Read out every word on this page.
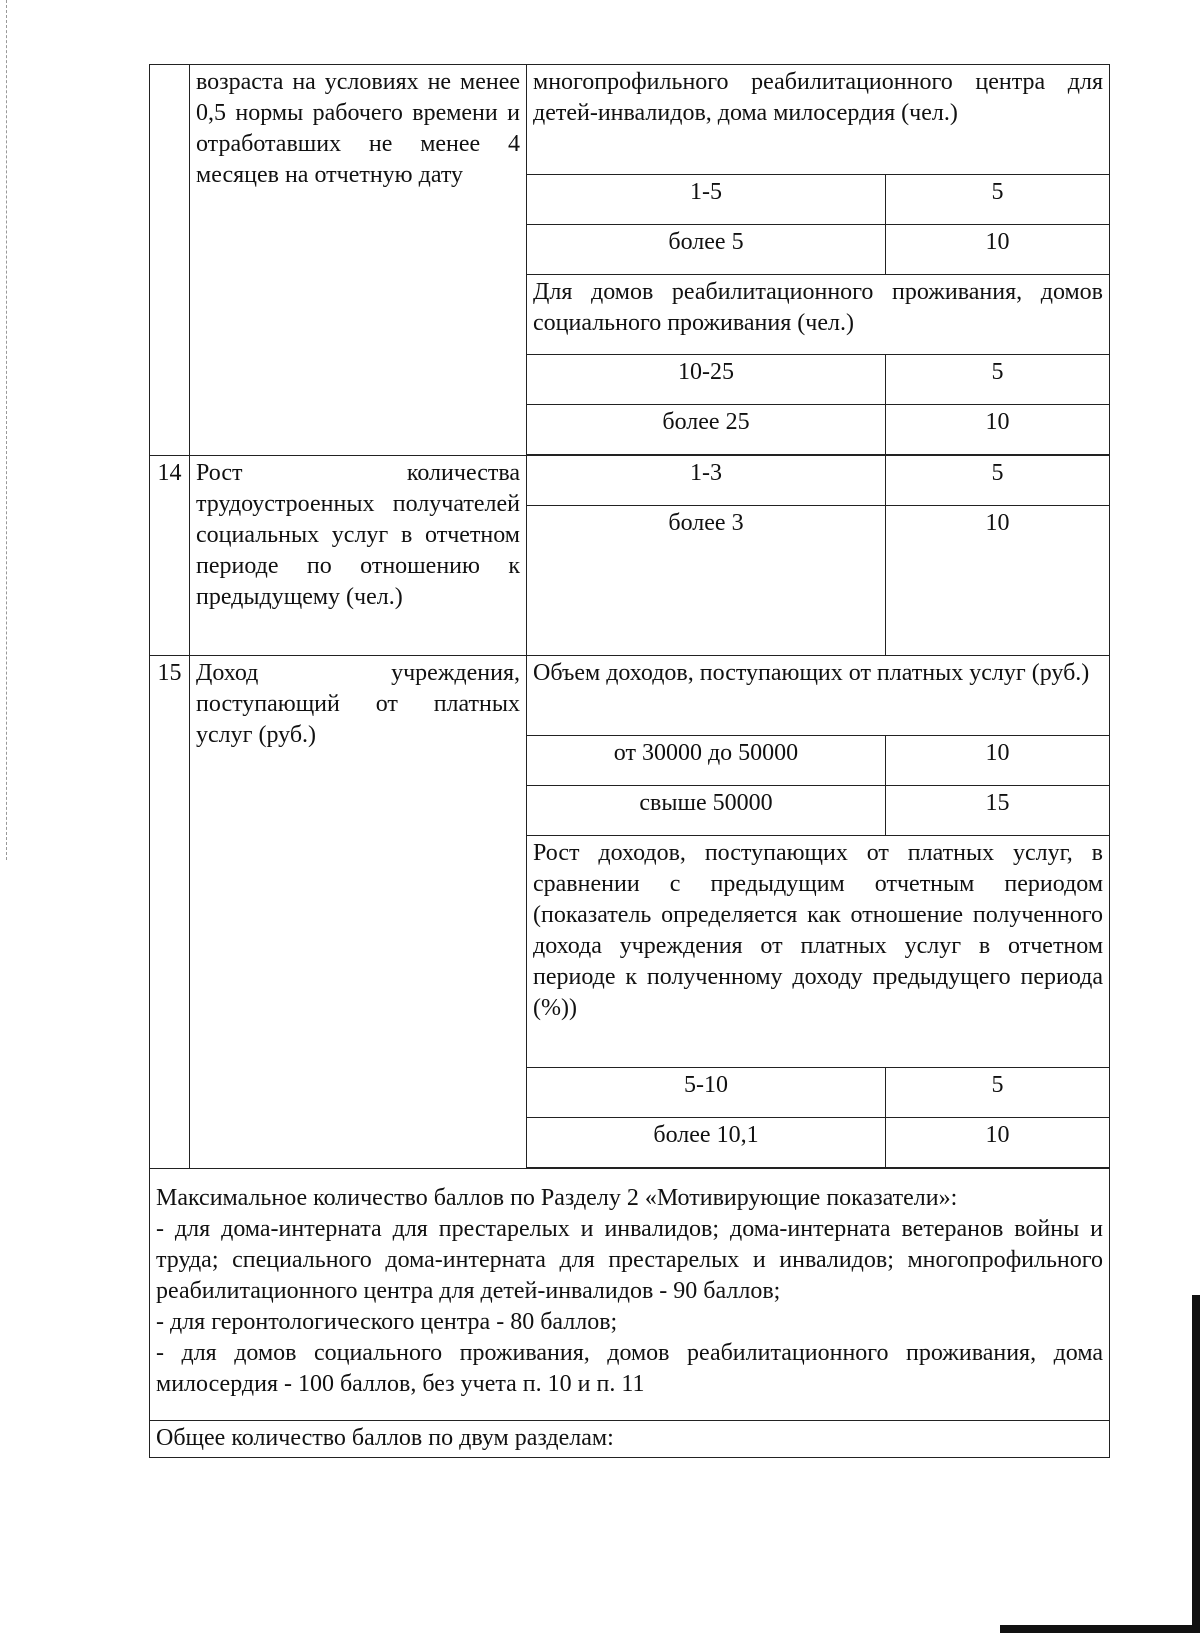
	возраста на условиях не менее 0,5 нормы рабочего времени и отработавших не менее 4 месяцев на отчетную дату	многопрофильного реабилитационного центра для детей-инвалидов, дома милосердия (чел.)	
		1-5	5
		более 5	10
		Для домов реабилитационного проживания, домов социального проживания (чел.)	
		10-25	5
		более 25	10

14	Рост количества трудоустроенных получателей социальных услуг в отчетном периоде по отношению к предыдущему (чел.)	1-3	5
		более 3	10
15	Доход учреждения, поступающий от платных услуг (руб.)	Объем доходов, поступающих от платных услуг (руб.)	
		от 30000 до 50000	10
		свыше 50000	15
		Рост доходов, поступающих от платных услуг, в сравнении с предыдущим отчетным периодом (показатель определяется как отношение полученного дохода учреждения от платных услуг в отчетном периоде к полученному доходу предыдущего периода (%))	
		5-10	5
		более 10,1	10

Максимальное количество баллов по Разделу 2 «Мотивирующие показатели»:

- для дома-интерната для престарелых и инвалидов; дома-интерната ветеранов войны и труда; специального дома-интерната для престарелых и инвалидов; многопрофильного реабилитационного центра для детей-инвалидов - 90 баллов;

- для геронтологического центра - 80 баллов;

- для домов социального проживания, домов реабилитационного проживания, дома милосердия - 100 баллов, без учета п. 10 и п. 11			

Общее количество баллов по двум разделам:			
